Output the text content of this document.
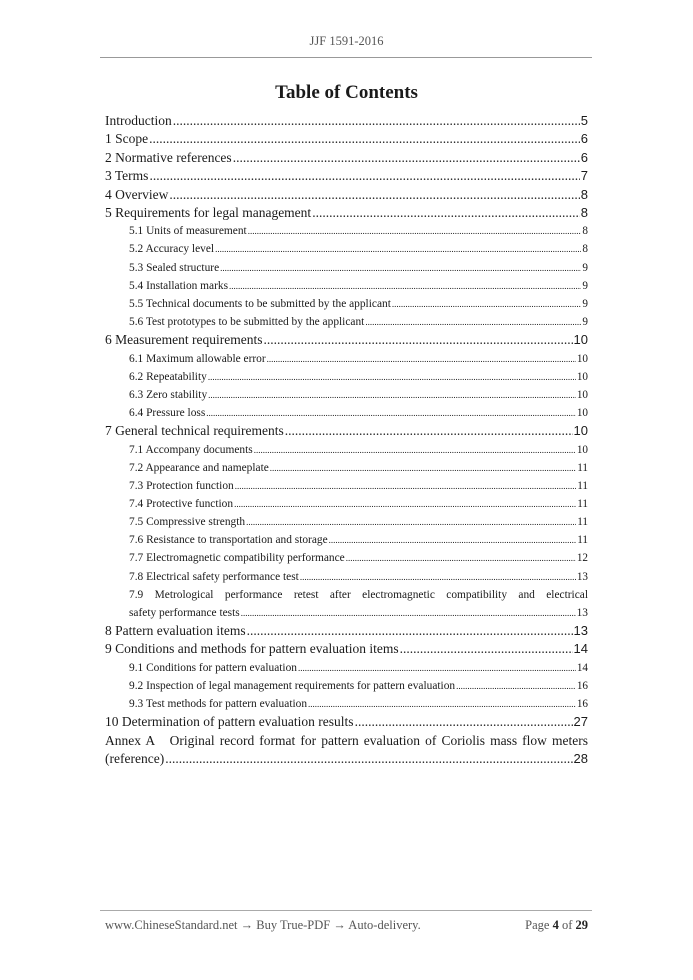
JJF 1591-2016
Table of Contents
Introduction .....	5
1 Scope .....	6
2 Normative references .....	6
3 Terms .....	7
4 Overview .....	8
5 Requirements for legal management .....	8
5.1 Units of measurement .....	8
5.2 Accuracy level .....	8
5.3 Sealed structure .....	9
5.4 Installation marks .....	9
5.5 Technical documents to be submitted by the applicant .....	9
5.6 Test prototypes to be submitted by the applicant .....	9
6 Measurement requirements .....	10
6.1 Maximum allowable error .....	10
6.2 Repeatability .....	10
6.3 Zero stability .....	10
6.4 Pressure loss .....	10
7 General technical requirements .....	10
7.1 Accompany documents .....	10
7.2 Appearance and nameplate .....	11
7.3 Protection function .....	11
7.4 Protective function .....	11
7.5 Compressive strength .....	11
7.6 Resistance to transportation and storage .....	11
7.7 Electromagnetic compatibility performance .....	12
7.8 Electrical safety performance test .....	13
7.9 Metrological performance retest after electromagnetic compatibility and electrical
safety performance tests .....	13
8 Pattern evaluation items .....	13
9 Conditions and methods for pattern evaluation items .....	14
9.1 Conditions for pattern evaluation .....	14
9.2 Inspection of legal management requirements for pattern evaluation .....	16
9.3 Test methods for pattern evaluation .....	16
10 Determination of pattern evaluation results .....	27
Annex A   Original record format for pattern evaluation of Coriolis mass flow meters
(reference) .....	28
www.ChineseStandard.net → Buy True-PDF → Auto-delivery.	Page 4 of 29
